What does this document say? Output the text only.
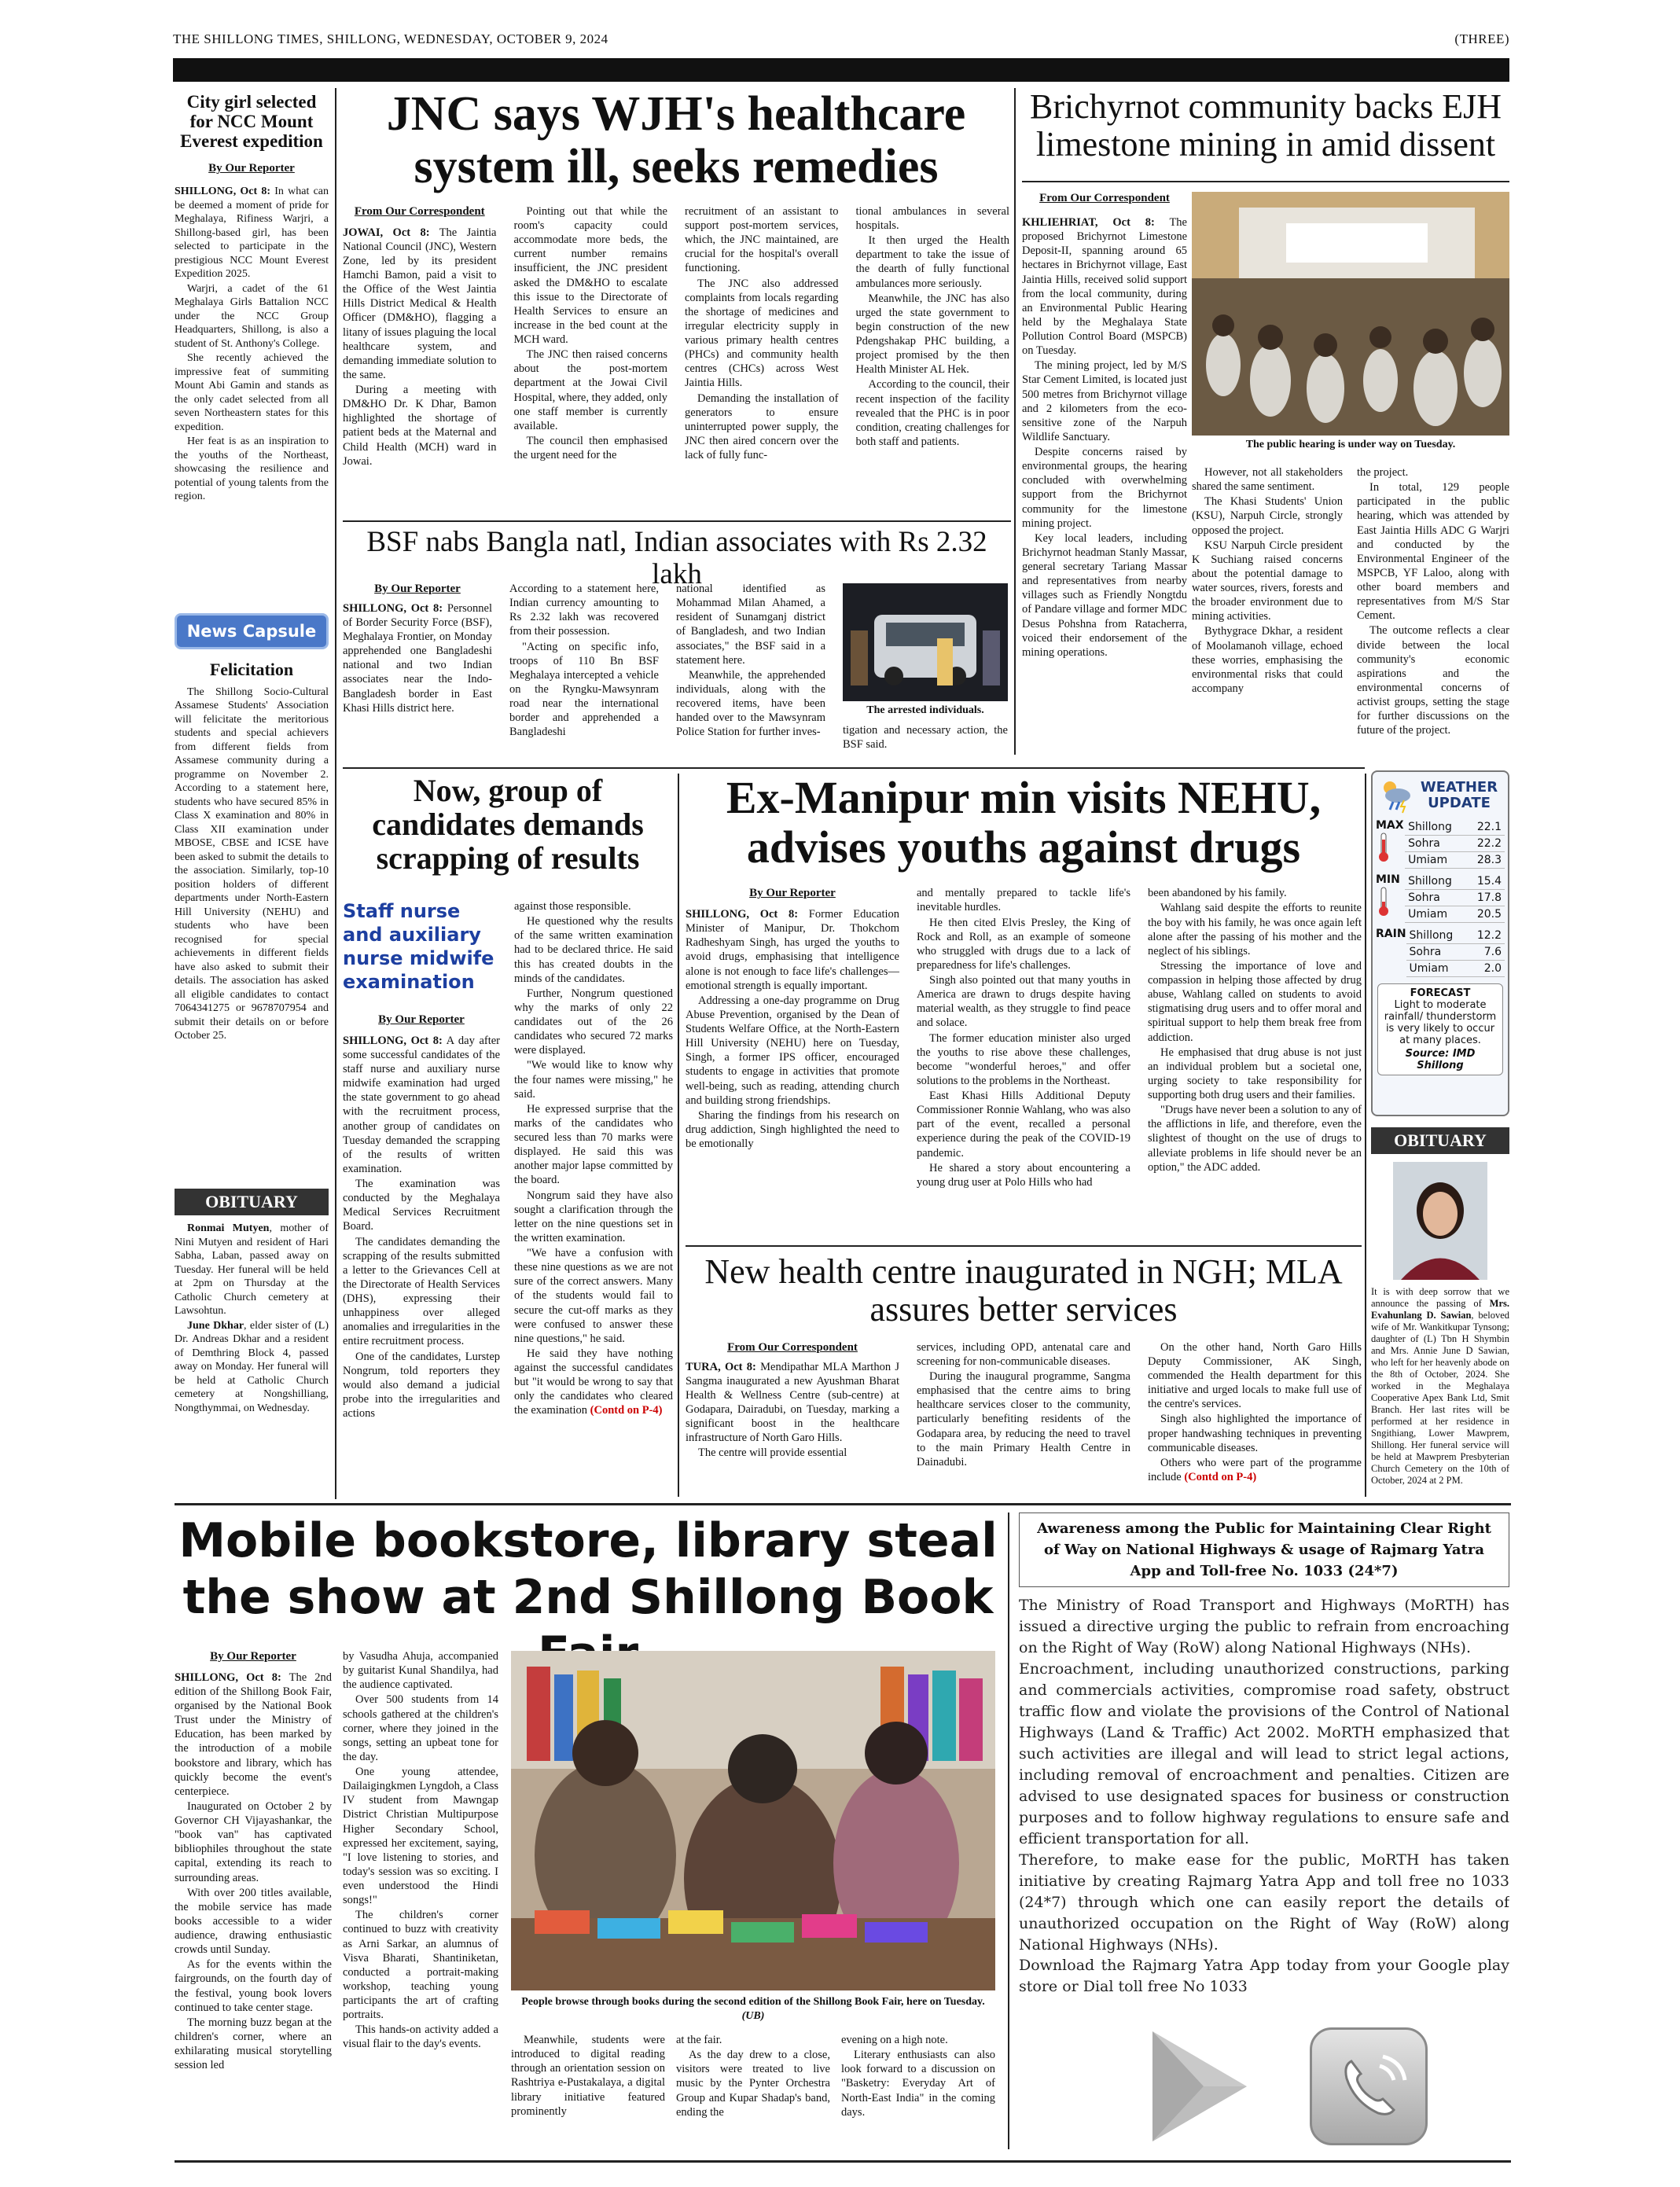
THE SHILLONG TIMES, SHILLONG, WEDNESDAY, OCTOBER 9, 2024	(THREE)
City girl selected for NCC Mount Everest expedition
By Our Reporter

SHILLONG, Oct 8: In what can be deemed a moment of pride for Meghalaya, Rifiness Warjri, a Shillong-based girl, has been selected to participate in the prestigious NCC Mount Everest Expedition 2025.

Warjri, a cadet of the 61 Meghalaya Girls Battalion NCC under the NCC Group Headquarters, Shillong, is also a student of St. Anthony's College.

She recently achieved the impressive feat of summiting Mount Abi Gamin and stands as the only cadet selected from all seven Northeastern states for this expedition.

Her feat is as an inspiration to the youths of the Northeast, showcasing the resilience and potential of young talents from the region.

News Capsule
Felicitation

The Shillong Socio-Cultural Assamese Students' Association will felicitate the meritorious students and special achievers from different fields from Assamese community during a programme on November 2. According to a statement here, students who have secured 85% in Class X examination and 80% in Class XII examination under MBOSE, CBSE and ICSE have been asked to submit the details to the association. Similarly, top-10 position holders of different departments under North-Eastern Hill University (NEHU) and students who have been recognised for special achievements in different fields have also asked to submit their details. The association has asked all eligible candidates to contact 7064341275 or 9678707954 and submit their details on or before October 25.

OBITUARY

Ronmai Mutyen, mother of Nini Mutyen and resident of Hari Sabha, Laban, passed away on Tuesday. Her funeral will be held at 2pm on Thursday at the Catholic Church cemetery at Lawsohtun.

June Dkhar, elder sister of (L) Dr. Andreas Dkhar and a resident of Demthring Block 4, passed away on Monday. Her funeral will be held at Catholic Church cemetery at Nongshilliang, Nongthymmai, on Wednesday.

JNC says WJH's healthcare system ill, seeks remedies
From Our Correspondent

JOWAI, Oct 8: The Jaintia National Council (JNC), Western Zone, led by its president Hamchi Bamon, paid a visit to the Office of the West Jaintia Hills District Medical & Health Officer (DM&HO), flagging a litany of issues plaguing the local healthcare system, and demanding immediate solution to the same.

During a meeting with DM&HO Dr. K Dhar, Bamon highlighted the shortage of patient beds at the Maternal and Child Health (MCH) ward in Jowai.

Pointing out that while the room's capacity could accommodate more beds, the current number remains insufficient, the JNC president asked the DM&HO to escalate this issue to the Directorate of Health Services to ensure an increase in the bed count at the MCH ward.

The JNC then raised concerns about the post-mortem department at the Jowai Civil Hospital, where, they added, only one staff member is currently available.

The council then emphasised the urgent need for the

recruitment of an assistant to support post-mortem services, which, the JNC maintained, are crucial for the hospital's overall functioning.

The JNC also addressed complaints from locals regarding the shortage of medicines and irregular electricity supply in various primary health centres (PHCs) and community health centres (CHCs) across West Jaintia Hills.

Demanding the installation of generators to ensure uninterrupted power supply, the JNC then aired concern over the lack of fully func-

tional ambulances in several hospitals.

It then urged the Health department to take the issue of the dearth of fully functional ambulances more seriously.

Meanwhile, the JNC has also urged the state government to begin construction of the new Pdengshakap PHC building, a project promised by the then Health Minister AL Hek.

According to the council, their recent inspection of the facility revealed that the PHC is in poor condition, creating challenges for both staff and patients.

Brichyrnot community backs EJH limestone mining in amid dissent
From Our Correspondent
The public hearing is under way on Tuesday.

KHLIEHRIAT, Oct 8: The proposed Brichyrnot Limestone Deposit-II, spanning around 65 hectares in Brichyrnot village, East Jaintia Hills, received solid support from the local community, during an Environmental Public Hearing held by the Meghalaya State Pollution Control Board (MSPCB) on Tuesday.

The mining project, led by M/S Star Cement Limited, is located just 500 metres from Brichyrnot village and 2 kilometers from the eco-sensitive zone of the Narpuh Wildlife Sanctuary.

Despite concerns raised by environmental groups, the hearing concluded with overwhelming support from the Brichyrnot community for the limestone mining project.

Key local leaders, including Brichyrnot headman Stanly Massar, general secretary Tariang Massar and representatives from nearby villages such as Friendly Nongtdu of Pandare village and former MDC Desus Pohshna from Ratacherra, voiced their endorsement of the mining operations.

However, not all stakeholders shared the same sentiment.

The Khasi Students' Union (KSU), Narpuh Circle, strongly opposed the project.

KSU Narpuh Circle president K Suchiang raised concerns about the potential damage to water sources, rivers, forests and the broader environment due to mining activities.

Bythygrace Dkhar, a resident of Moolamanoh village, echoed these worries, emphasising the environmental risks that could accompany

the project.

In total, 129 people participated in the public hearing, which was attended by East Jaintia Hills ADC G Warjri and conducted by the Environmental Engineer of the MSPCB, YF Laloo, along with other board members and representatives from M/S Star Cement.

The outcome reflects a clear divide between the local community's economic aspirations and the environmental concerns of activist groups, setting the stage for further discussions on the future of the project.

BSF nabs Bangla natl, Indian associates with Rs 2.32 lakh
By Our Reporter

SHILLONG, Oct 8: Personnel of Border Security Force (BSF), Meghalaya Frontier, on Monday apprehended one Bangladeshi national and two Indian associates near the Indo-Bangladesh border in East Khasi Hills district here.

According to a statement here, Indian currency amounting to Rs 2.32 lakh was recovered from their possession.

"Acting on specific info, troops of 110 Bn BSF Meghalaya intercepted a vehicle on the Ryngku-Mawsynram road near the international border and apprehended a Bangladeshi

national identified as Mohammad Milan Ahamed, a resident of Sunamganj district of Bangladesh, and two Indian associates," the BSF said in a statement here.

Meanwhile, the apprehended individuals, along with the recovered items, have been handed over to the Mawsynram Police Station for further inves-

The arrested individuals.

tigation and necessary action, the BSF said.

Now, group of candidates demands scrapping of results
Staff nurse and auxiliary nurse midwife examination
By Our Reporter

SHILLONG, Oct 8: A day after some successful candidates of the staff nurse and auxiliary nurse midwife examination had urged the state government to go ahead with the recruitment process, another group of candidates on Tuesday demanded the scrapping of the results of written examination.

The examination was conducted by the Meghalaya Medical Services Recruitment Board.

The candidates demanding the scrapping of the results submitted a letter to the Grievances Cell at the Directorate of Health Services (DHS), expressing their unhappiness over alleged anomalies and irregularities in the entire recruitment process.

One of the candidates, Lurstep Nongrum, told reporters they would also demand a judicial probe into the irregularities and actions

against those responsible.

He questioned why the results of the same written examination had to be declared thrice. He said this has created doubts in the minds of the candidates.

Further, Nongrum questioned why the marks of only 22 candidates out of the 26 candidates who secured 72 marks were displayed.

"We would like to know why the four names were missing," he said.

He expressed surprise that the marks of the candidates who secured less than 70 marks were displayed. He said this was another major lapse committed by the board.

Nongrum said they have also sought a clarification through the letter on the nine questions set in the written examination.

"We have a confusion with these nine questions as we are not sure of the correct answers. Many of the students would fail to secure the cut-off marks as they were confused to answer these nine questions," he said.

He said they have nothing against the successful candidates but "it would be wrong to say that only the candidates who cleared the examination (Contd on P-4)

Ex-Manipur min visits NEHU, advises youths against drugs
By Our Reporter

SHILLONG, Oct 8: Former Education Minister of Manipur, Dr. Thokchom Radheshyam Singh, has urged the youths to avoid drugs, emphasising that intelligence alone is not enough to face life's challenges—emotional strength is equally important.

Addressing a one-day programme on Drug Abuse Prevention, organised by the Dean of Students Welfare Office, at the North-Eastern Hill University (NEHU) here on Tuesday, Singh, a former IPS officer, encouraged students to engage in activities that promote well-being, such as reading, attending church and building strong friendships.

Sharing the findings from his research on drug addiction, Singh highlighted the need to be emotionally

and mentally prepared to tackle life's inevitable hurdles.

He then cited Elvis Presley, the King of Rock and Roll, as an example of someone who struggled with drugs due to a lack of preparedness for life's challenges.

Singh also pointed out that many youths in America are drawn to drugs despite having material wealth, as they struggle to find peace and solace.

The former education minister also urged the youths to rise above these challenges, become "wonderful heroes," and offer solutions to the problems in the Northeast.

East Khasi Hills Additional Deputy Commissioner Ronnie Wahlang, who was also part of the event, recalled a personal experience during the peak of the COVID-19 pandemic.

He shared a story about encountering a young drug user at Polo Hills who had

been abandoned by his family.

Wahlang said despite the efforts to reunite the boy with his family, he was once again left alone after the passing of his mother and the neglect of his siblings.

Stressing the importance of love and compassion in helping those affected by drug abuse, Wahlang called on students to avoid stigmatising drug users and to offer moral and spiritual support to help them break free from addiction.

He emphasised that drug abuse is not just an individual problem but a societal one, urging society to take responsibility for supporting both drug users and their families.

"Drugs have never been a solution to any of the afflictions in life, and therefore, even the slightest of thought on the use of drugs to alleviate problems in life should never be an option," the ADC added.

WEATHER
UPDATE
MAX Shillong	22.1
Sohra	22.2
Umiam	28.3
MIN Shillong	15.4
Sohra	17.8
Umiam	20.5
RAIN Shillong	12.2
Sohra	7.6
Umiam	2.0
FORECAST
Light to moderate rainfall/ thunderstorm is very likely to occur at many places.
Source: IMD Shillong
OBITUARY

It is with deep sorrow that we announce the passing of Mrs. Evahunlang D. Sawian, beloved wife of Mr. Wankitkupar Tynsong; daughter of (L) Tbn H Shymbin and Mrs. Annie June D Sawian, who left for her heavenly abode on the 8th of October, 2024. She worked in the Meghalaya Cooperative Apex Bank Ltd, Smit Branch. Her last rites will be performed at her residence in Sngithiang, Lower Mawprem, Shillong. Her funeral service will be held at Mawprem Presbyterian Church Cemetery on the 10th of October, 2024 at 2 PM.

New health centre inaugurated in NGH; MLA assures better services
From Our Correspondent

TURA, Oct 8: Mendipathar MLA Marthon J Sangma inaugurated a new Ayushman Bharat Health & Wellness Centre (sub-centre) at Godapara, Dairadubi, on Tuesday, marking a significant boost in the healthcare infrastructure of North Garo Hills.

The centre will provide essential

services, including OPD, antenatal care and screening for non-communicable diseases.

During the inaugural programme, Sangma emphasised that the centre aims to bring healthcare services closer to the community, particularly benefiting residents of the Godapara area, by reducing the need to travel to the main Primary Health Centre in Dainadubi.

On the other hand, North Garo Hills Deputy Commissioner, AK Singh, commended the Health department for this initiative and urged locals to make full use of the centre's services.

Singh also highlighted the importance of proper handwashing techniques in preventing communicable diseases.

Others who were part of the programme include (Contd on P-4)

Mobile bookstore, library steal the show at 2nd Shillong Book
By Our Reporter

SHILLONG, Oct 8: The 2nd edition of the Shillong Book Fair, organised by the National Book Trust under the Ministry of Education, has been marked by the introduction of a mobile bookstore and library, which has quickly become the event's centerpiece.

Inaugurated on October 2 by Governor CH Vijayashankar, the "book van" has captivated bibliophiles throughout the state capital, extending its reach to surrounding areas.

With over 200 titles available, the mobile service has made books accessible to a wider audience, drawing enthusiastic crowds until Sunday.

As for the events within the fairgrounds, on the fourth day of the festival, young book lovers continued to take center stage.

The morning buzz began at the children's corner, where an exhilarating musical storytelling session led

by Vasudha Ahuja, accompanied by guitarist Kunal Shandilya, had the audience captivated.

Over 500 students from 14 schools gathered at the children's corner, where they joined in the songs, setting an upbeat tone for the day.

One young attendee, Dailaigingkmen Lyngdoh, a Class IV student from Mawngap District Christian Multipurpose Higher Secondary School, expressed her excitement, saying, "I love listening to stories, and today's session was so exciting. I even understood the Hindi songs!"

The children's corner continued to buzz with creativity as Arni Sarkar, an alumnus of Visva Bharati, Shantiniketan, conducted a portrait-making workshop, teaching young participants the art of crafting portraits.

This hands-on activity added a visual flair to the day's events.

People browse through books during the second edition of the Shillong Book Fair, here on Tuesday. (UB)

Meanwhile, students were introduced to digital reading through an orientation session on Rashtriya e-Pustakalaya, a digital library initiative featured prominently

at the fair.

As the day drew to a close, visitors were treated to live music by the Pynter Orchestra Group and Kupar Shadap's band, ending the

evening on a high note.

Literary enthusiasts can also look forward to a discussion on "Basketry: Everyday Art of North-East India" in the coming days.

Awareness among the Public for Maintaining Clear Right of Way on National Highways & usage of Rajmarg Yatra App and Toll-free No. 1033 (24*7)

The Ministry of Road Transport and Highways (MoRTH) has issued a directive urging the public to refrain from encroaching on the Right of Way (RoW) along National Highways (NHs).

Encroachment, including unauthorized constructions, parking and commercials activities, compromise road safety, obstruct traffic flow and violate the provisions of the Control of National Highways (Land & Traffic) Act 2002. MoRTH emphasized that such activities are illegal and will lead to strict legal actions, including removal of encroachment and penalties. Citizen are advised to use designated spaces for business or construction purposes and to follow highway regulations to ensure safe and efficient transportation for all.

Therefore, to make ease for the public, MoRTH has taken initiative by creating Rajmarg Yatra App and toll free no 1033 (24*7) through which one can easily report the details of unauthorized occupation on the Right of Way (RoW) along National Highways (NHs).

Download the Rajmarg Yatra App today from your Google play store or Dial toll free No 1033
